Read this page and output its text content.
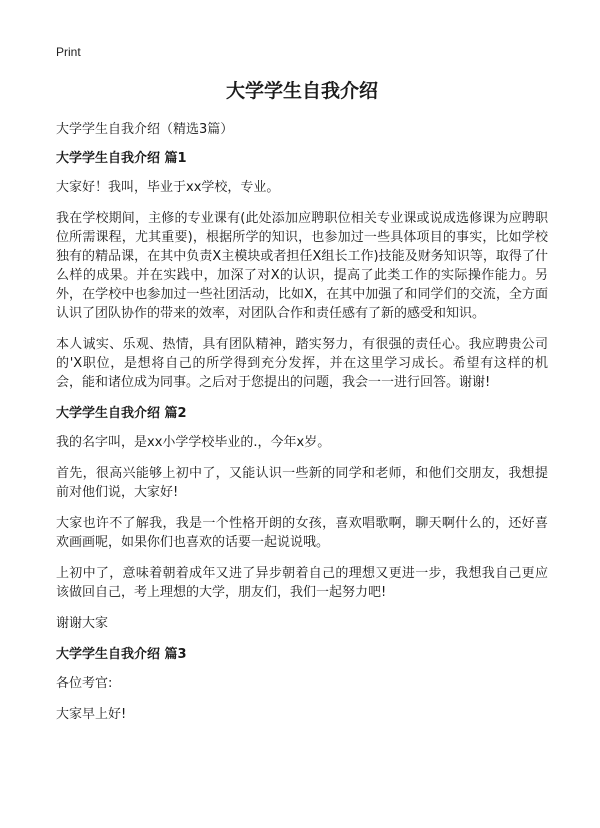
Print
大学学生自我介绍
大学学生自我介绍（精选3篇）
大学学生自我介绍 篇1

大家好！我叫，毕业于xx学校，专业。

我在学校期间，主修的专业课有(此处添加应聘职位相关专业课或说成选修课为应聘职位所需课程，尤其重要)，根据所学的知识，也参加过一些具体项目的事实，比如学校独有的精品课，在其中负责X主模块或者担任X组长工作)技能及财务知识等，取得了什么样的成果。并在实践中，加深了对X的认识，提高了此类工作的实际操作能力。另外，在学校中也参加过一些社团活动，比如X，在其中加强了和同学们的交流，全方面认识了团队协作的带来的效率，对团队合作和责任感有了新的感受和知识。

本人诚实、乐观、热情，具有团队精神，踏实努力，有很强的责任心。我应聘贵公司的'X职位，是想将自己的所学得到充分发挥，并在这里学习成长。希望有这样的机会，能和诸位成为同事。之后对于您提出的问题，我会一一进行回答。谢谢!

大学学生自我介绍 篇2

我的名字叫，是xx小学学校毕业的.，今年x岁。

首先，很高兴能够上初中了，又能认识一些新的同学和老师，和他们交朋友，我想提前对他们说，大家好!

大家也许不了解我，我是一个性格开朗的女孩，喜欢唱歌啊，聊天啊什么的，还好喜欢画画呢，如果你们也喜欢的话要一起说说哦。

上初中了，意味着朝着成年又进了异步朝着自己的理想又更进一步，我想我自己更应该做回自己，考上理想的大学，朋友们，我们一起努力吧!

谢谢大家

大学学生自我介绍 篇3

各位考官:

大家早上好!
